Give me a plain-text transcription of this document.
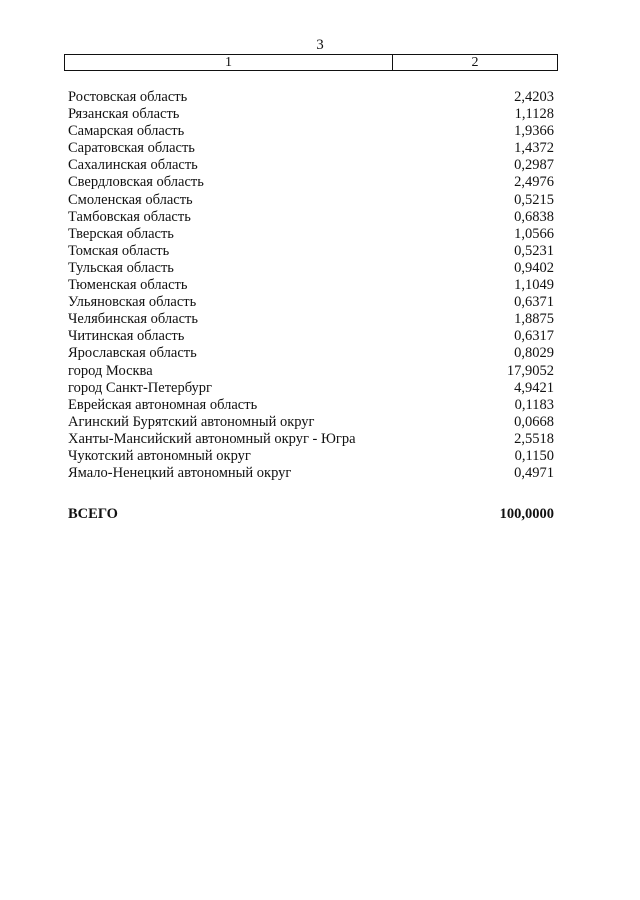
3
1	2
Ростовская область	2,4203
Рязанская область	1,1128
Самарская область	1,9366
Саратовская область	1,4372
Сахалинская область	0,2987
Свердловская область	2,4976
Смоленская область	0,5215
Тамбовская область	0,6838
Тверская область	1,0566
Томская область	0,5231
Тульская область	0,9402
Тюменская область	1,1049
Ульяновская область	0,6371
Челябинская область	1,8875
Читинская область	0,6317
Ярославская область	0,8029
город Москва	17,9052
город Санкт-Петербург	4,9421
Еврейская автономная область	0,1183
Агинский Бурятский автономный округ	0,0668
Ханты-Мансийский автономный округ - Югра	2,5518
Чукотский автономный округ	0,1150
Ямало-Ненецкий автономный округ	0,4971
ВСЕГО	100,0000
